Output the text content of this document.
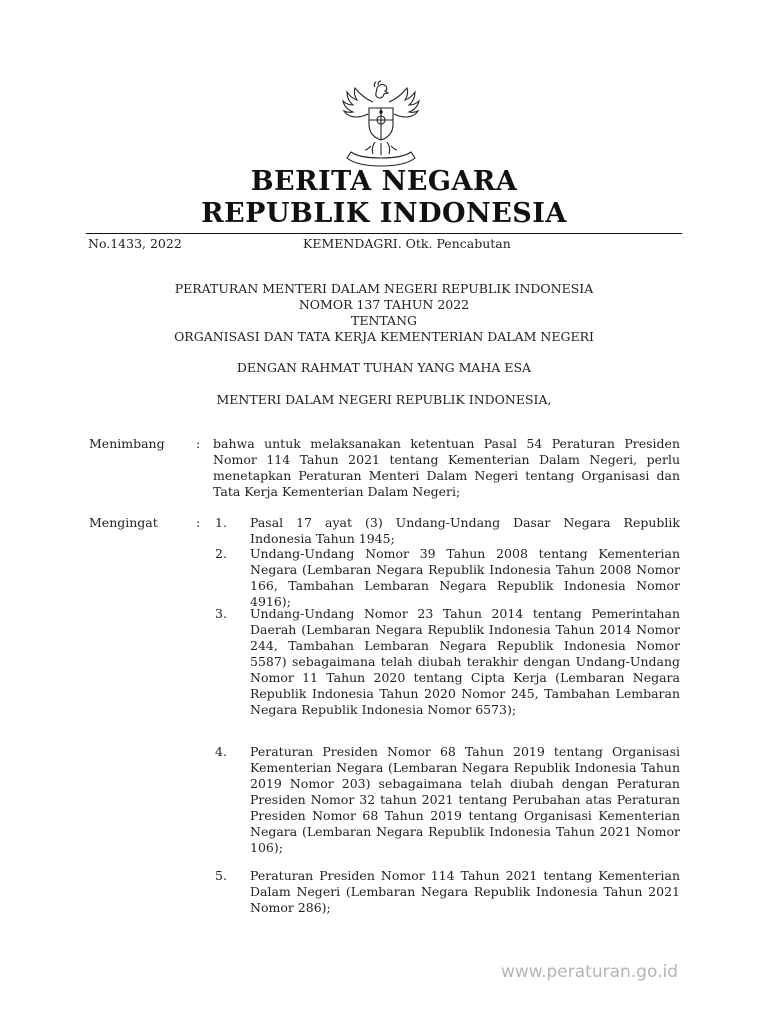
BERITA NEGARA
REPUBLIK INDONESIA
No.1433, 2022	KEMENDAGRI. Otk. Pencabutan
PERATURAN MENTERI DALAM NEGERI REPUBLIK INDONESIA
NOMOR 137 TAHUN 2022
TENTANG
ORGANISASI DAN TATA KERJA KEMENTERIAN DALAM NEGERI
DENGAN RAHMAT TUHAN YANG MAHA ESA
MENTERI DALAM NEGERI REPUBLIK INDONESIA,
Menimbang	: bahwa untuk melaksanakan ketentuan Pasal 54 Peraturan Presiden Nomor 114 Tahun 2021 tentang Kementerian Dalam Negeri, perlu menetapkan Peraturan Menteri Dalam Negeri tentang Organisasi dan Tata Kerja Kementerian Dalam Negeri;
Mengingat	: 1. Pasal 17 ayat (3) Undang-Undang Dasar Negara Republik Indonesia Tahun 1945;
2. Undang-Undang Nomor 39 Tahun 2008 tentang Kementerian Negara (Lembaran Negara Republik Indonesia Tahun 2008 Nomor 166, Tambahan Lembaran Negara Republik Indonesia Nomor 4916);
3. Undang-Undang Nomor 23 Tahun 2014 tentang Pemerintahan Daerah (Lembaran Negara Republik Indonesia Tahun 2014 Nomor 244, Tambahan Lembaran Negara Republik Indonesia Nomor 5587) sebagaimana telah diubah terakhir dengan Undang-Undang Nomor 11 Tahun 2020 tentang Cipta Kerja (Lembaran Negara Republik Indonesia Tahun 2020 Nomor 245, Tambahan Lembaran Negara Republik Indonesia Nomor 6573);
4. Peraturan Presiden Nomor 68 Tahun 2019 tentang Organisasi Kementerian Negara (Lembaran Negara Republik Indonesia Tahun 2019 Nomor 203) sebagaimana telah diubah dengan Peraturan Presiden Nomor 32 tahun 2021 tentang Perubahan atas Peraturan Presiden Nomor 68 Tahun 2019 tentang Organisasi Kementerian Negara (Lembaran Negara Republik Indonesia Tahun 2021 Nomor 106);
5. Peraturan Presiden Nomor 114 Tahun 2021 tentang Kementerian Dalam Negeri (Lembaran Negara Republik Indonesia Tahun 2021 Nomor 286);
www.peraturan.go.id
